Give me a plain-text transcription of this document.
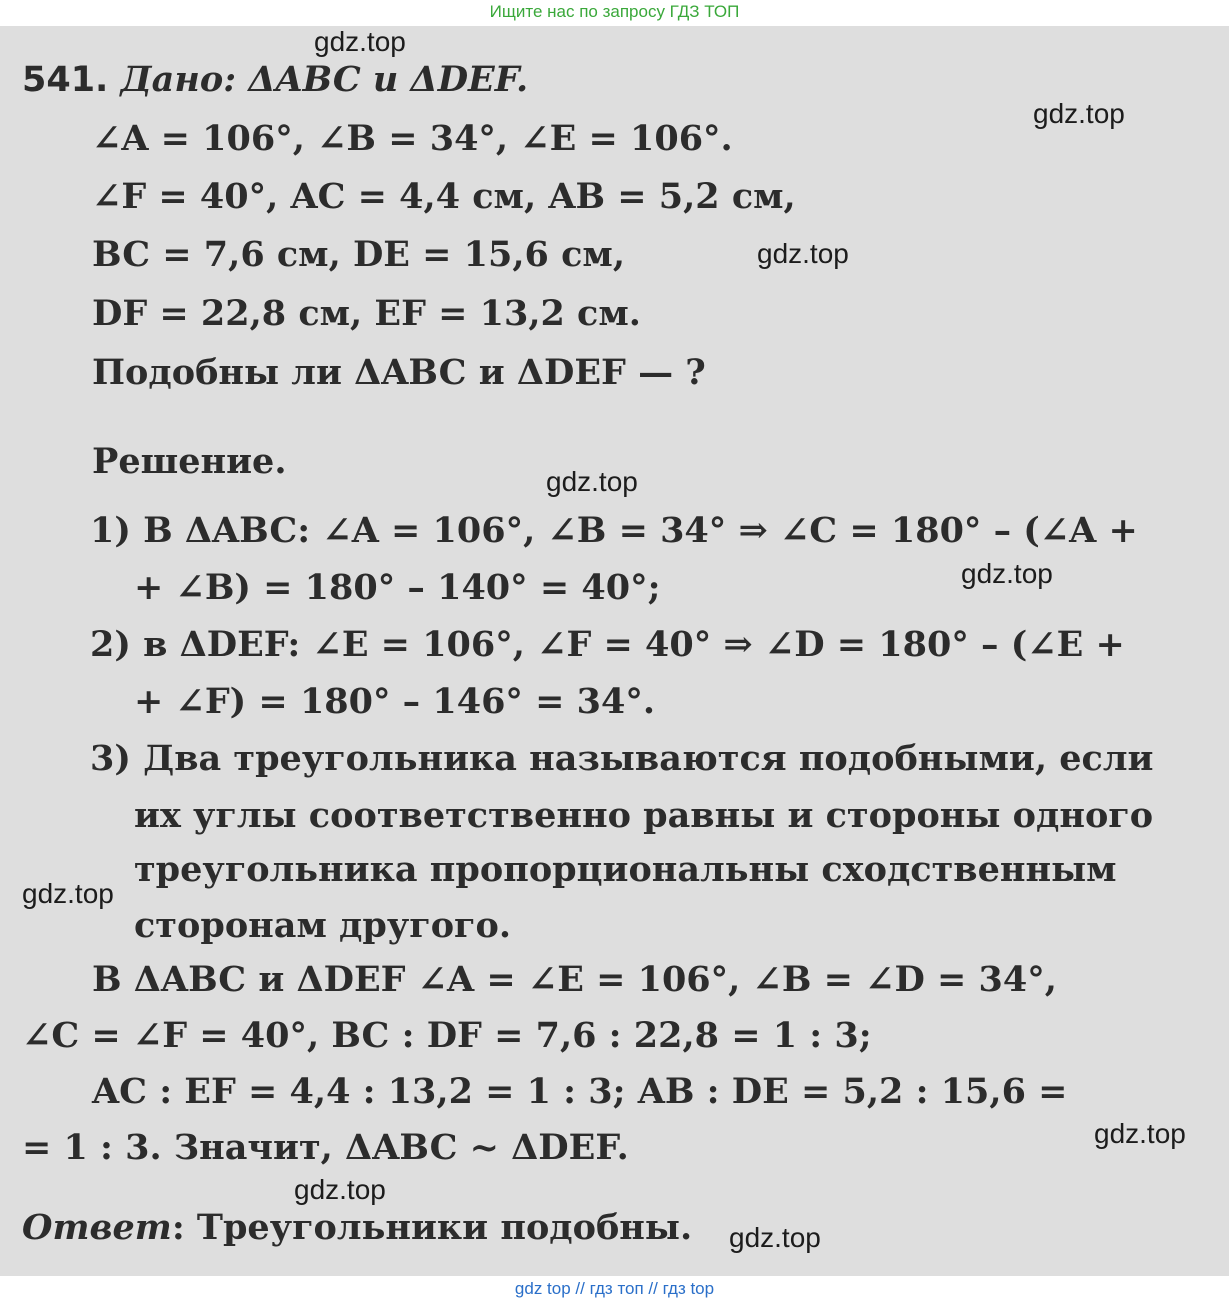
Ищите нас по запросу ГДЗ ТОП
541. Дано: ΔABC и ΔDEF.
∠A = 106°, ∠B = 34°, ∠E = 106°.
∠F = 40°, AC = 4,4 см, AB = 5,2 см,
BC = 7,6 см, DE = 15,6 см,
DF = 22,8 см, EF = 13,2 см.
Подобны ли ΔABC и ΔDEF — ?
Решение.
1) В ΔABC: ∠A = 106°, ∠B = 34° ⇒ ∠C = 180° – (∠A +
+ ∠B) = 180° – 140° = 40°;
2) в ΔDEF: ∠E = 106°, ∠F = 40° ⇒ ∠D = 180° – (∠E +
+ ∠F) = 180° – 146° = 34°.
3) Два треугольника называются подобными, если
их углы соответственно равны и стороны одного
треугольника пропорциональны сходственным
сторонам другого.
В ΔABC и ΔDEF ∠A = ∠E = 106°, ∠B = ∠D = 34°,
∠C = ∠F = 40°, BC : DF = 7,6 : 22,8 = 1 : 3;
AC : EF = 4,4 : 13,2 = 1 : 3; AB : DE = 5,2 : 15,6 =
= 1 : 3. Значит, ΔABC ~ ΔDEF.
Ответ: Треугольники подобны.
gdz.top
gdz.top
gdz.top
gdz.top
gdz.top
gdz.top
gdz.top
gdz.top
gdz.top
gdz top // гдз топ // гдз top
